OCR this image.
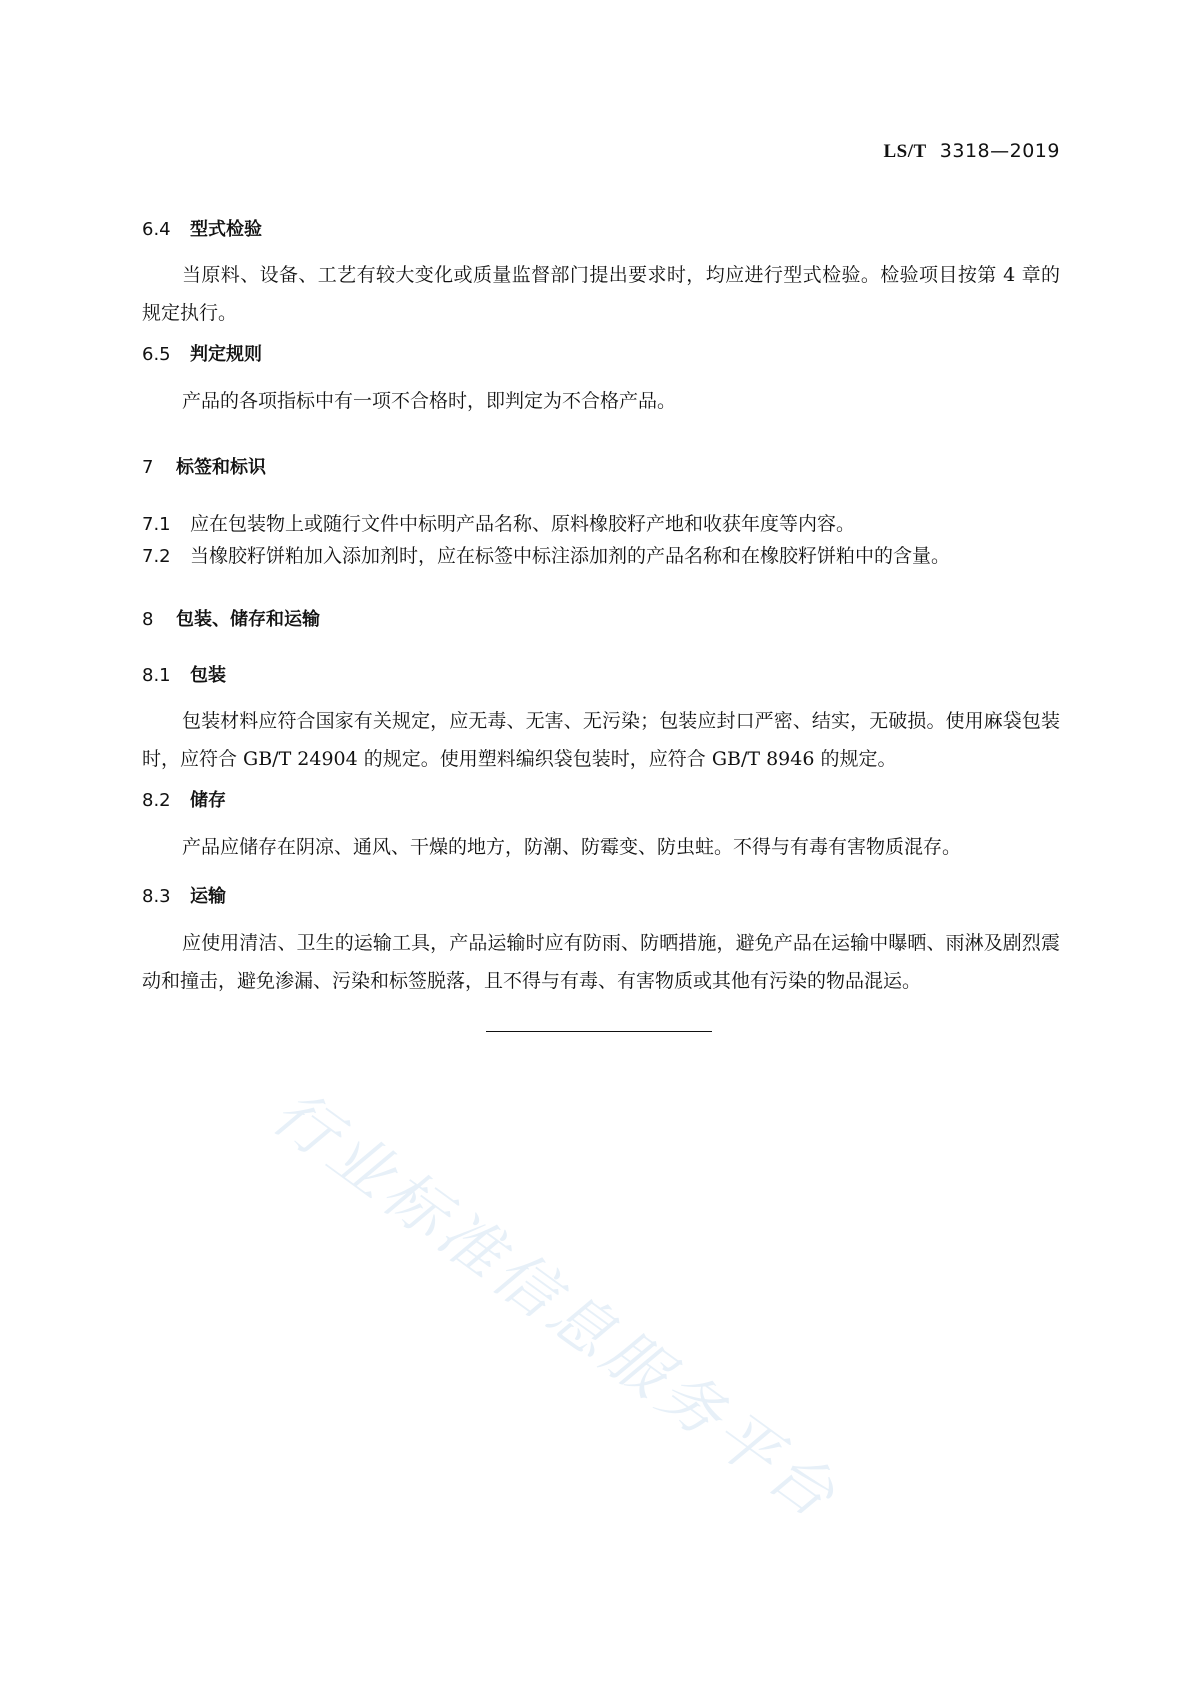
LS/T 3318—2019
6.4 型式检验
当原料、设备、工艺有较大变化或质量监督部门提出要求时，均应进行型式检验。检验项目按第 4 章的规定执行。
6.5 判定规则
产品的各项指标中有一项不合格时，即判定为不合格产品。
7 标签和标识
7.1 应在包装物上或随行文件中标明产品名称、原料橡胶籽产地和收获年度等内容。
7.2 当橡胶籽饼粕加入添加剂时，应在标签中标注添加剂的产品名称和在橡胶籽饼粕中的含量。
8 包装、储存和运输
8.1 包装
包装材料应符合国家有关规定，应无毒、无害、无污染；包装应封口严密、结实，无破损。使用麻袋包装时，应符合 GB/T 24904 的规定。使用塑料编织袋包装时，应符合 GB/T 8946 的规定。
8.2 储存
产品应储存在阴凉、通风、干燥的地方，防潮、防霉变、防虫蛀。不得与有毒有害物质混存。
8.3 运输
应使用清洁、卫生的运输工具，产品运输时应有防雨、防晒措施，避免产品在运输中曝晒、雨淋及剧烈震动和撞击，避免渗漏、污染和标签脱落，且不得与有毒、有害物质或其他有污染的物品混运。
行业标准信息服务平台
